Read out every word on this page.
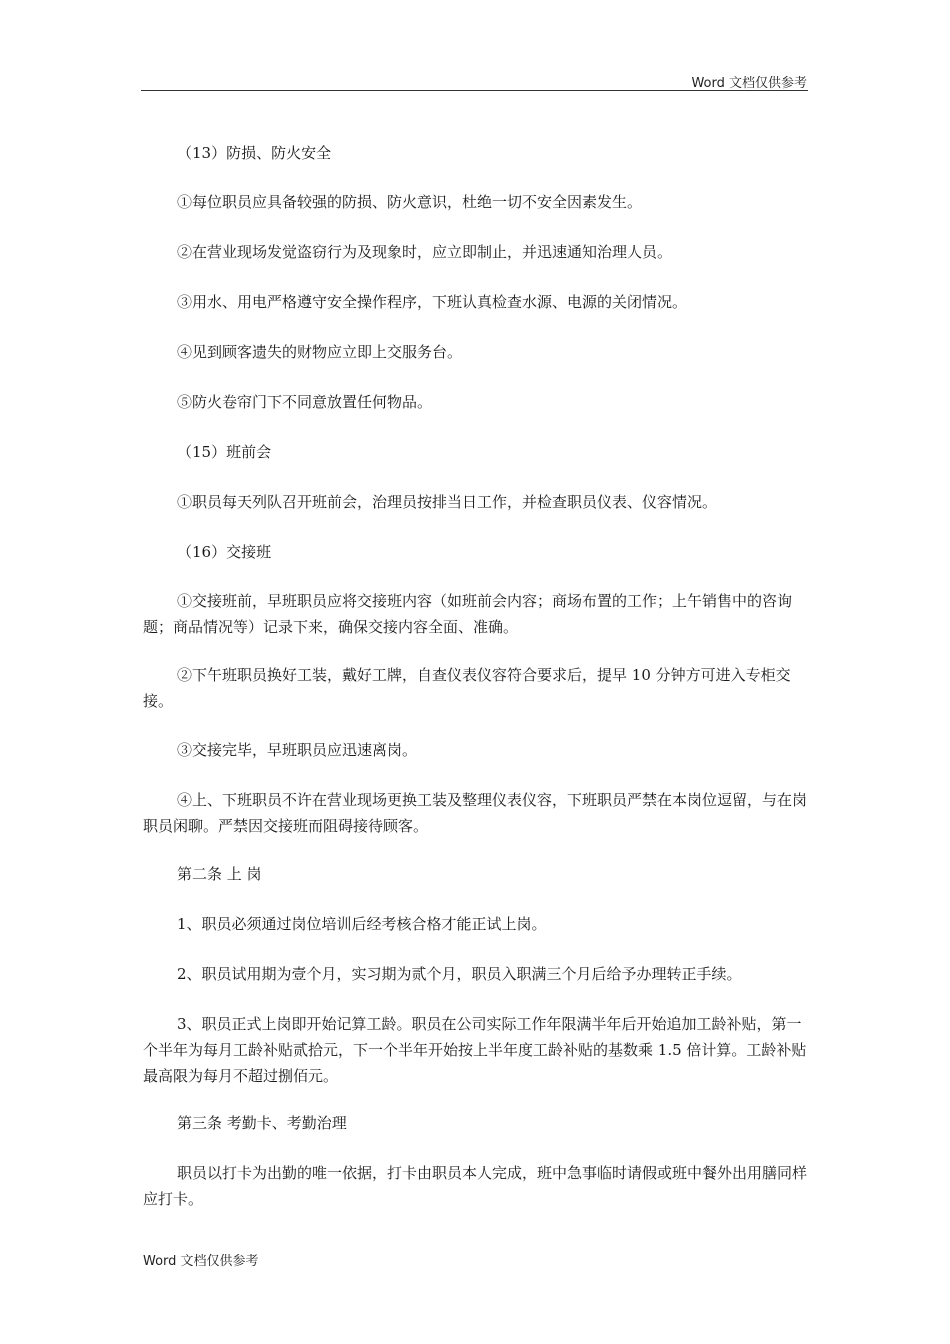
Word 文档仅供参考

（13）防损、防火安全

①每位职员应具备较强的防损、防火意识，杜绝一切不安全因素发生。

②在营业现场发觉盗窃行为及现象时，应立即制止，并迅速通知治理人员。

③用水、用电严格遵守安全操作程序，下班认真检查水源、电源的关闭情况。

④见到顾客遗失的财物应立即上交服务台。

⑤防火卷帘门下不同意放置任何物品。

（15）班前会

①职员每天列队召开班前会，治理员按排当日工作，并检查职员仪表、仪容情况。

（16）交接班

①交接班前，早班职员应将交接班内容（如班前会内容；商场布置的工作；上午销售中的咨询题；商品情况等）记录下来，确保交接内容全面、准确。

②下午班职员换好工装，戴好工牌，自查仪表仪容符合要求后，提早 10 分钟方可进入专柜交接。

③交接完毕，早班职员应迅速离岗。

④上、下班职员不许在营业现场更换工装及整理仪表仪容，下班职员严禁在本岗位逗留，与在岗职员闲聊。严禁因交接班而阻碍接待顾客。

第二条 上 岗

1、职员必须通过岗位培训后经考核合格才能正试上岗。

2、职员试用期为壹个月，实习期为贰个月，职员入职满三个月后给予办理转正手续。

3、职员正式上岗即开始记算工龄。职员在公司实际工作年限满半年后开始追加工龄补贴，第一个半年为每月工龄补贴贰拾元，下一个半年开始按上半年度工龄补贴的基数乘 1.5 倍计算。工龄补贴最高限为每月不超过捌佰元。

第三条 考勤卡、考勤治理

职员以打卡为出勤的唯一依据，打卡由职员本人完成，班中急事临时请假或班中餐外出用膳同样应打卡。

Word 文档仅供参考
